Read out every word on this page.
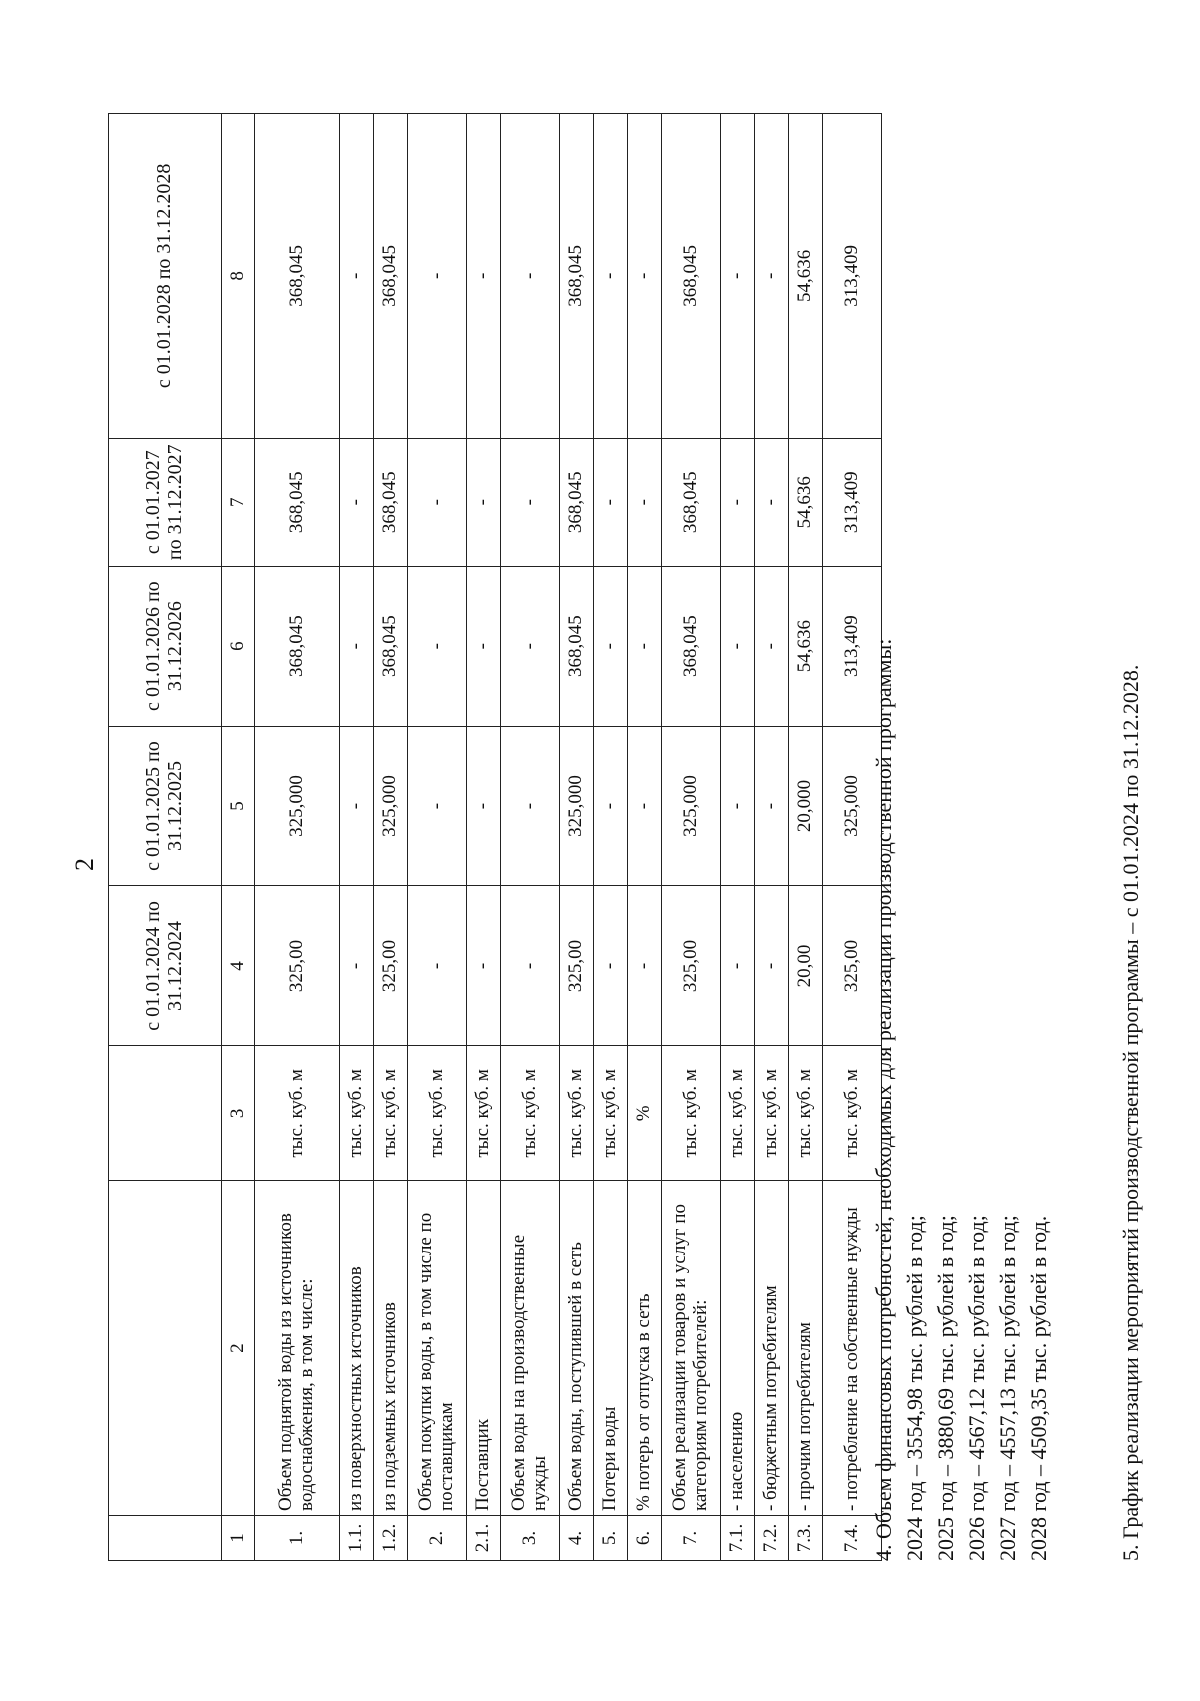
2
			с 01.01.2024 по 31.12.2024	с 01.01.2025 по 31.12.2025	с 01.01.2026 по 31.12.2026	с 01.01.2027 по 31.12.2027	с 01.01.2028 по 31.12.2028
1	2	3	4	5	6	7	8
1.	Объем поднятой воды из источников водоснабжения, в том числе:	тыс. куб. м	325,00	325,000	368,045	368,045	368,045
1.1.	из поверхностных источников	тыс. куб. м	-	-	-	-	-
1.2.	из подземных источников	тыс. куб. м	325,00	325,000	368,045	368,045	368,045
2.	Объем покупки воды, в том числе по поставщикам	тыс. куб. м	-	-	-	-	-
2.1.	Поставщик	тыс. куб. м	-	-	-	-	-
3.	Объем воды на производственные нужды	тыс. куб. м	-	-	-	-	-
4.	Объем воды, поступившей в сеть	тыс. куб. м	325,00	325,000	368,045	368,045	368,045
5.	Потери воды	тыс. куб. м	-	-	-	-	-
6.	% потерь от отпуска в сеть	%	-	-	-	-	-
7.	Объем реализации товаров и услуг по категориям потребителей:	тыс. куб. м	325,00	325,000	368,045	368,045	368,045
7.1.	- населению	тыс. куб. м	-	-	-	-	-
7.2.	- бюджетным потребителям	тыс. куб. м	-	-	-	-	-
7.3.	- прочим потребителям	тыс. куб. м	20,00	20,000	54,636	54,636	54,636
7.4.	- потребление на собственные нужды	тыс. куб. м	325,00	325,000	313,409	313,409	313,409

4. Объем финансовых потребностей, необходимых для реализации производственной программы: 2024 год – 3554,98 тыс. рублей в год; 2025 год – 3880,69 тыс. рублей в год; 2026 год – 4567,12 тыс. рублей в год; 2027 год – 4557,13 тыс. рублей в год; 2028 год – 4509,35 тыс. рублей в год.	5. График реализации мероприятий производственной программы – с 01.01.2024 по 31.12.2028.
